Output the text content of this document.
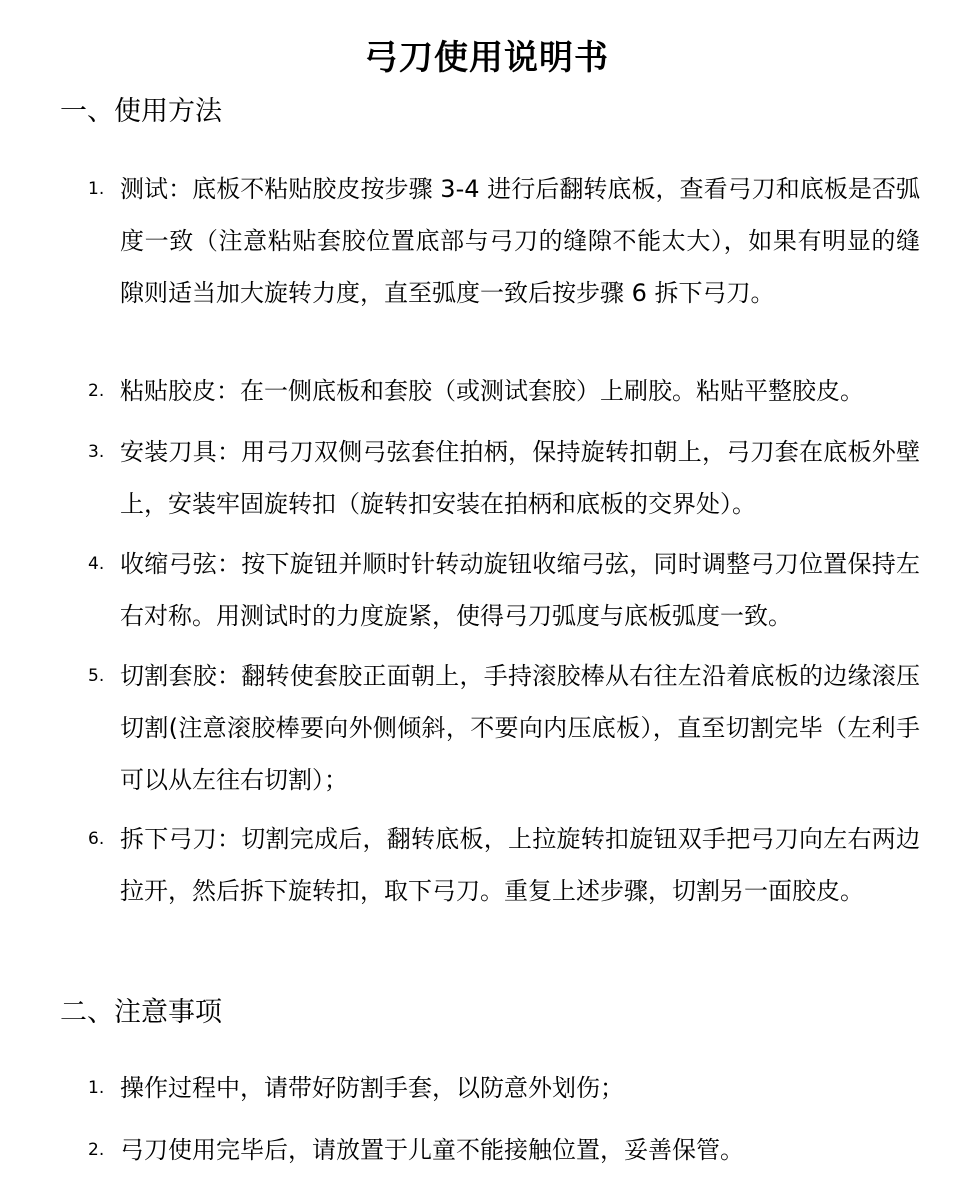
弓刀使用说明书
一、使用方法
1. 测试：底板不粘贴胶皮按步骤 3-4 进行后翻转底板，查看弓刀和底板是否弧度一致（注意粘贴套胶位置底部与弓刀的缝隙不能太大），如果有明显的缝隙则适当加大旋转力度，直至弧度一致后按步骤 6 拆下弓刀。
2. 粘贴胶皮：在一侧底板和套胶（或测试套胶）上刷胶。粘贴平整胶皮。
3. 安装刀具：用弓刀双侧弓弦套住拍柄，保持旋转扣朝上，弓刀套在底板外壁上，安装牢固旋转扣（旋转扣安装在拍柄和底板的交界处）。
4. 收缩弓弦：按下旋钮并顺时针转动旋钮收缩弓弦，同时调整弓刀位置保持左右对称。用测试时的力度旋紧，使得弓刀弧度与底板弧度一致。
5. 切割套胶：翻转使套胶正面朝上，手持滚胶棒从右往左沿着底板的边缘滚压切割(注意滚胶棒要向外侧倾斜，不要向内压底板），直至切割完毕（左利手可以从左往右切割）；
6. 拆下弓刀：切割完成后，翻转底板，上拉旋转扣旋钮双手把弓刀向左右两边拉开，然后拆下旋转扣，取下弓刀。重复上述步骤，切割另一面胶皮。
二、注意事项
1. 操作过程中，请带好防割手套，以防意外划伤；
2. 弓刀使用完毕后，请放置于儿童不能接触位置，妥善保管。
